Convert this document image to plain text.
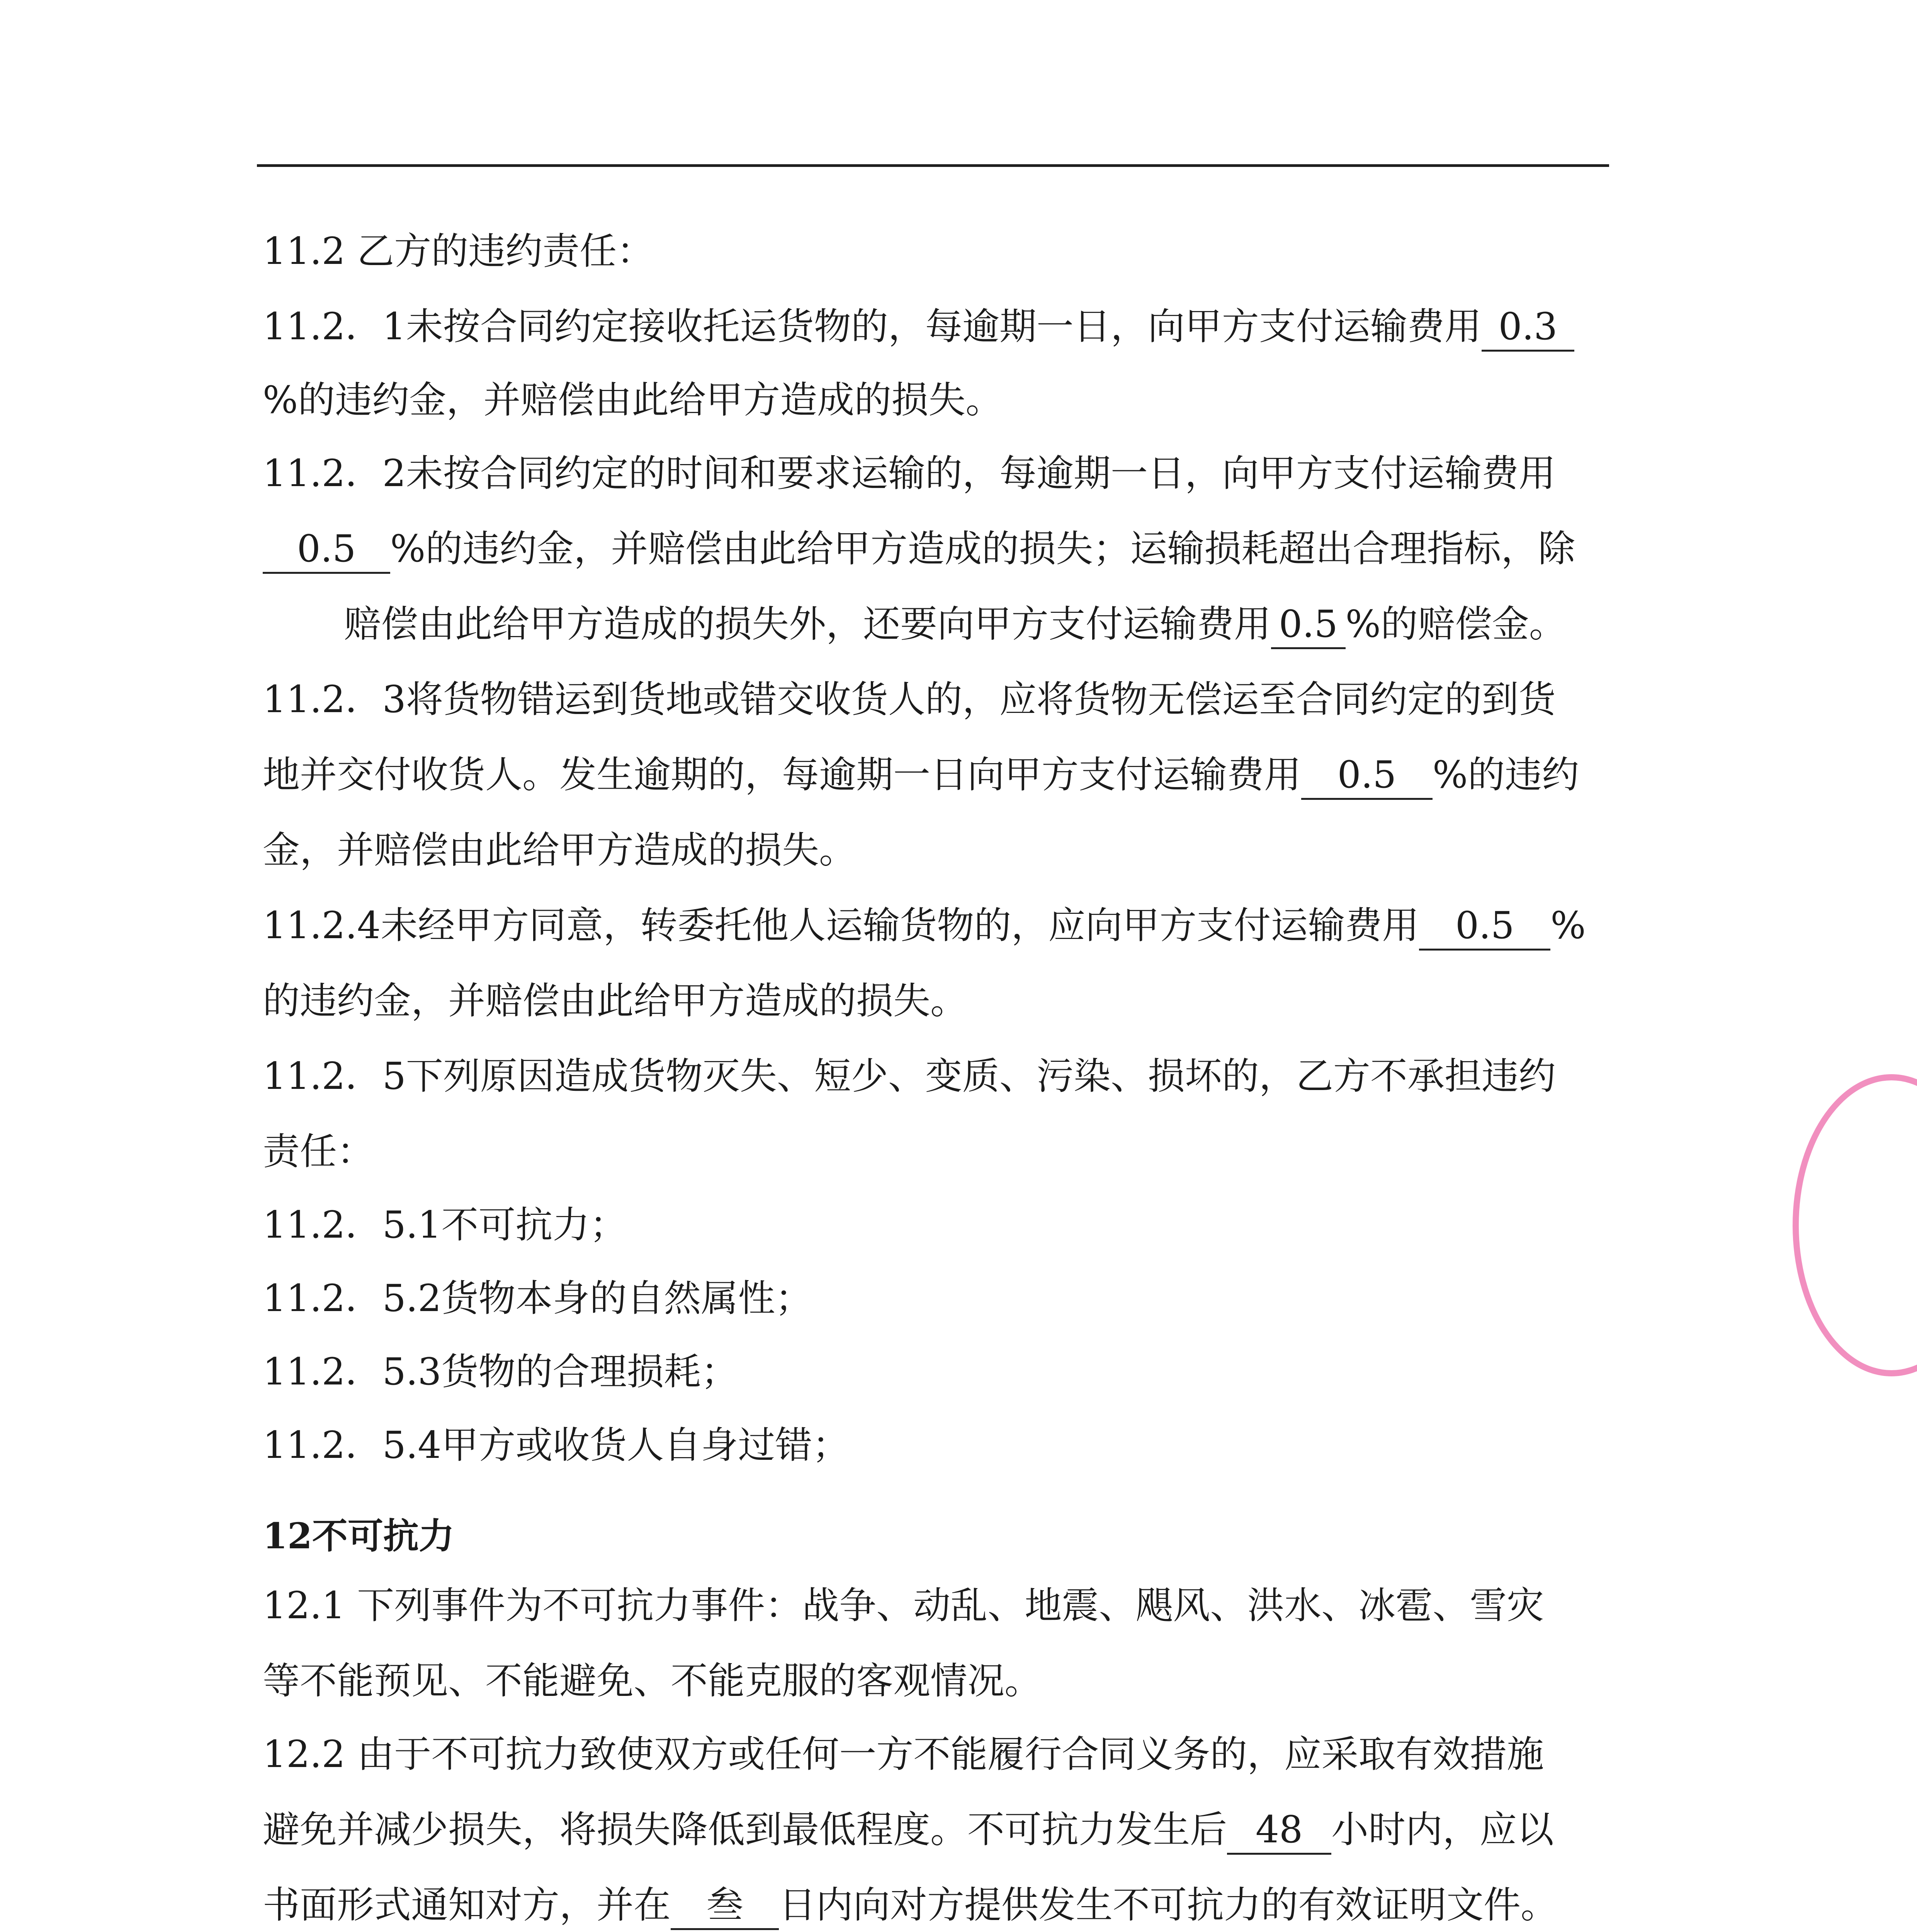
11.2 乙方的违约责任：
11.2．1未按合同约定接收托运货物的，每逾期一日，向甲方支付运输费用 0.3
%的违约金，并赔偿由此给甲方造成的损失。
11.2．2未按合同约定的时间和要求运输的，每逾期一日，向甲方支付运输费用
0.5 %的违约金，并赔偿由此给甲方造成的损失；运输损耗超出合理指标，除
赔偿由此给甲方造成的损失外，还要向甲方支付运输费用 0.5 %的赔偿金。
11.2．3将货物错运到货地或错交收货人的，应将货物无偿运至合同约定的到货
地并交付收货人。发生逾期的，每逾期一日向甲方支付运输费用 0.5 %的违约
金，并赔偿由此给甲方造成的损失。
11.2.4未经甲方同意，转委托他人运输货物的，应向甲方支付运输费用 0.5 %
的违约金，并赔偿由此给甲方造成的损失。
11.2．5下列原因造成货物灭失、短少、变质、污染、损坏的，乙方不承担违约
责任：
11.2．5.1不可抗力；
11.2．5.2货物本身的自然属性；
11.2．5.3货物的合理损耗；
11.2．5.4甲方或收货人自身过错；
12不可抗力
12.1 下列事件为不可抗力事件：战争、动乱、地震、飓风、洪水、冰雹、雪灾
等不能预见、不能避免、不能克服的客观情况。
12.2 由于不可抗力致使双方或任何一方不能履行合同义务的，应采取有效措施
避免并减少损失，将损失降低到最低程度。不可抗力发生后 48 小时内，应以
书面形式通知对方，并在 叁 日内向对方提供发生不可抗力的有效证明文件。
